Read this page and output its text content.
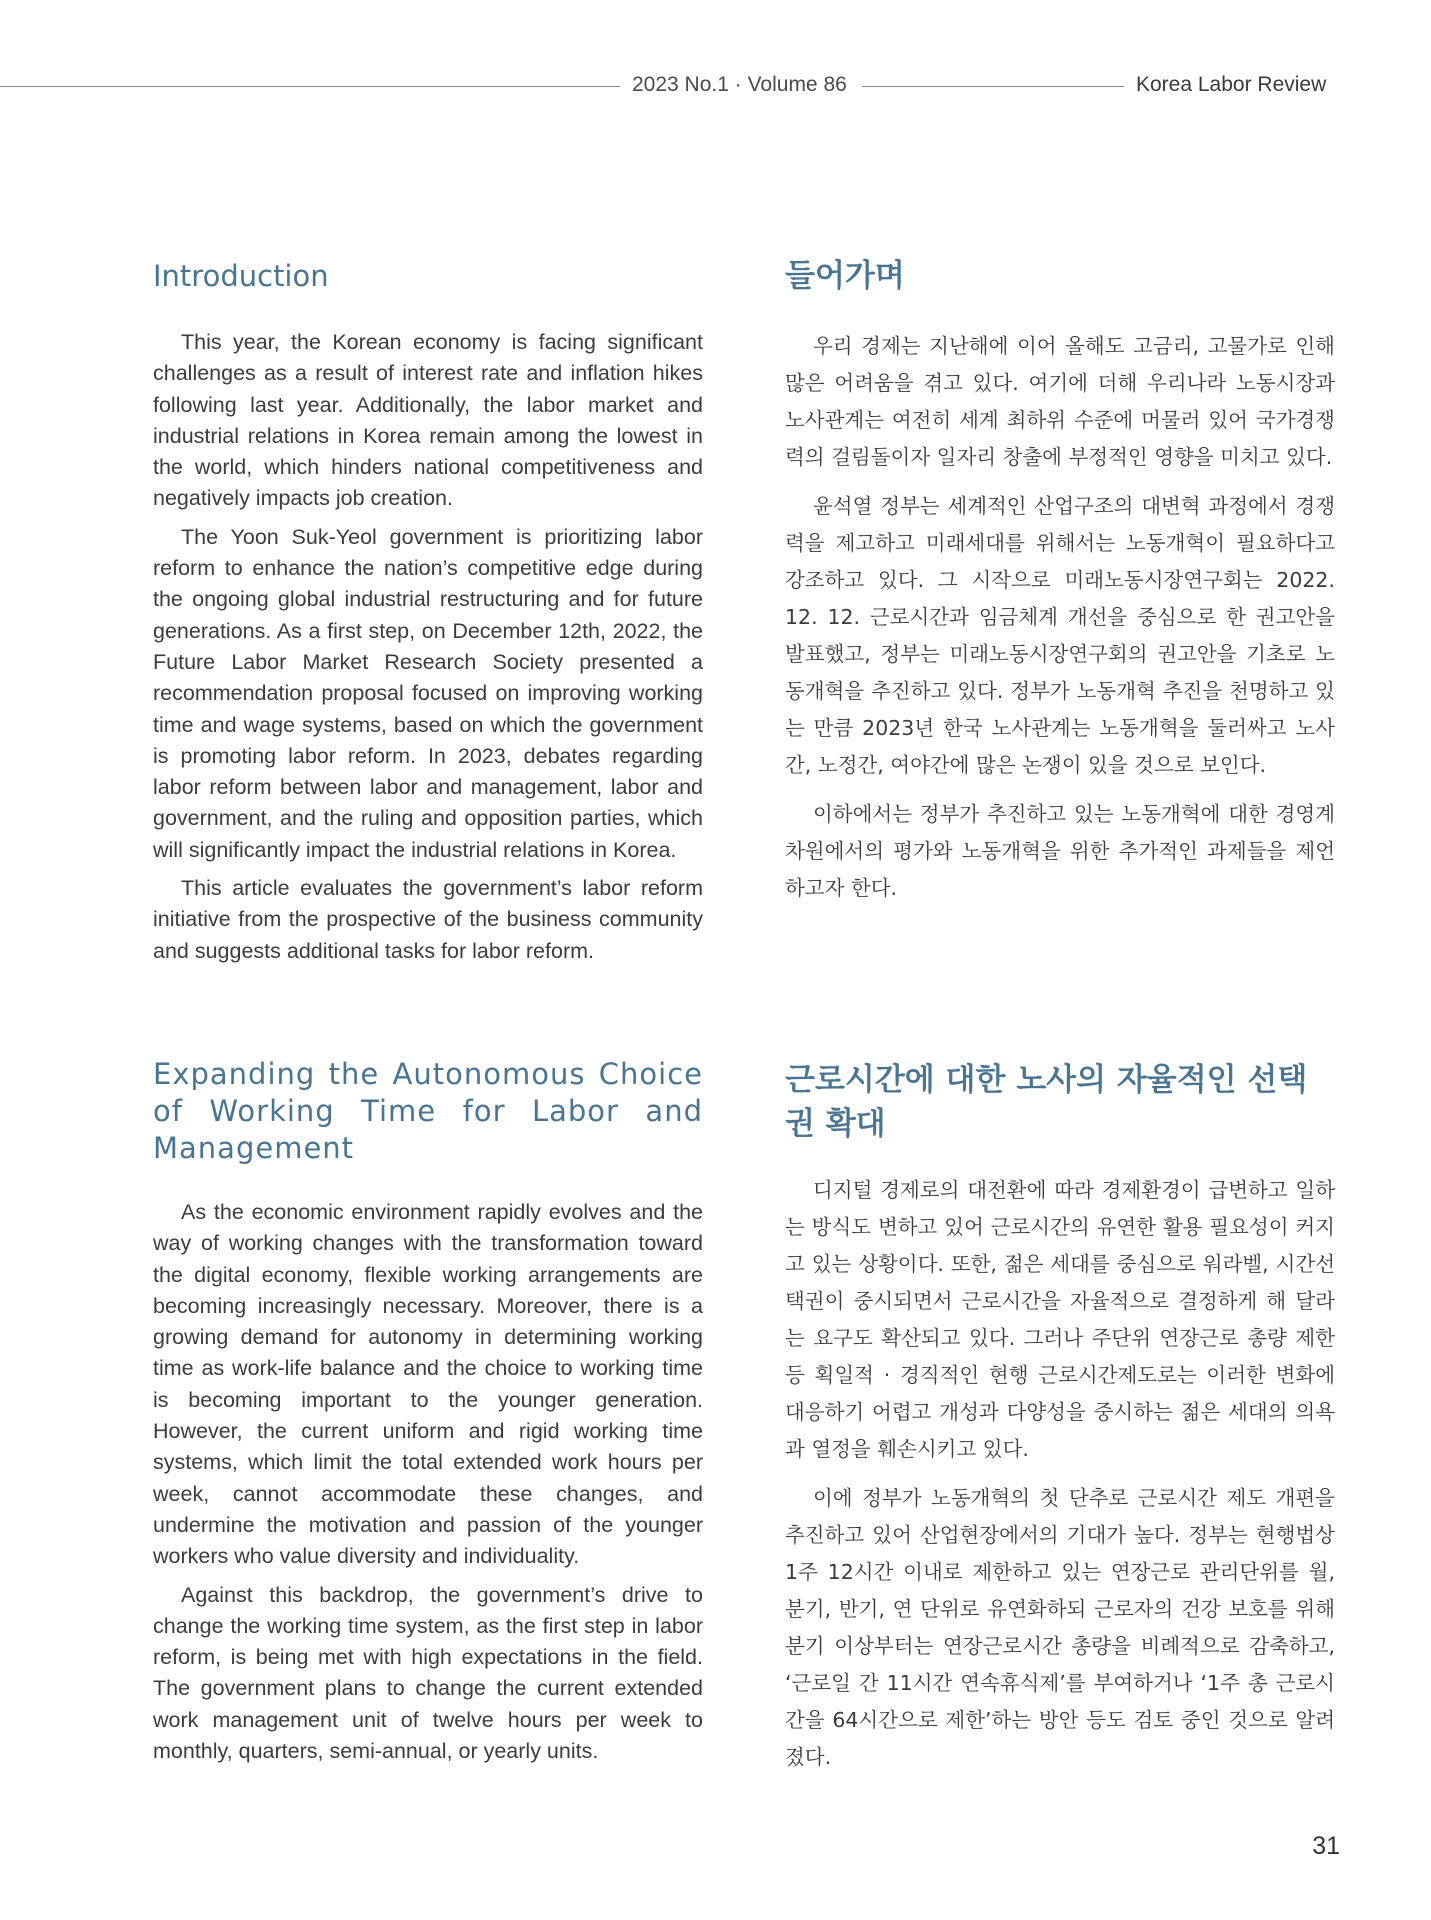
2023 No.1 · Volume 86	Korea Labor Review
Introduction

This year, the Korean economy is facing significant challenges as a result of interest rate and inflation hikes following last year. Additionally, the labor market and industrial relations in Korea remain among the lowest in the world, which hinders national competitiveness and negatively impacts job creation.

The Yoon Suk-Yeol government is prioritizing labor reform to enhance the nation’s competitive edge during the ongoing global industrial restructuring and for future generations. As a first step, on December 12th, 2022, the Future Labor Market Research Society presented a recommendation proposal focused on improving working time and wage systems, based on which the government is promoting labor reform. In 2023, debates regarding labor reform between labor and management, labor and government, and the ruling and opposition parties, which will significantly impact the industrial relations in Korea.

This article evaluates the government’s labor reform initiative from the prospective of the business community and suggests additional tasks for labor reform.

들어가며

우리 경제는 지난해에 이어 올해도 고금리, 고물가로 인해 많은 어려움을 겪고 있다. 여기에 더해 우리나라 노동시장과 노사관계는 여전히 세계 최하위 수준에 머물러 있어 국가경쟁력의 걸림돌이자 일자리 창출에 부정적인 영향을 미치고 있다.

윤석열 정부는 세계적인 산업구조의 대변혁 과정에서 경쟁력을 제고하고 미래세대를 위해서는 노동개혁이 필요하다고 강조하고 있다. 그 시작으로 미래노동시장연구회는 2022. 12. 12. 근로시간과 임금체계 개선을 중심으로 한 권고안을 발표했고, 정부는 미래노동시장연구회의 권고안을 기초로 노동개혁을 추진하고 있다. 정부가 노동개혁 추진을 천명하고 있는 만큼 2023년 한국 노사관계는 노동개혁을 둘러싸고 노사간, 노정간, 여야간에 많은 논쟁이 있을 것으로 보인다.

이하에서는 정부가 추진하고 있는 노동개혁에 대한 경영계 차원에서의 평가와 노동개혁을 위한 추가적인 과제들을 제언하고자 한다.

Expanding the Autonomous Choice of Working Time for Labor and Management

As the economic environment rapidly evolves and the way of working changes with the transformation toward the digital economy, flexible working arrangements are becoming increasingly necessary. Moreover, there is a growing demand for autonomy in determining working time as work-life balance and the choice to working time is becoming important to the younger generation. However, the current uniform and rigid working time systems, which limit the total extended work hours per week, cannot accommodate these changes, and undermine the motivation and passion of the younger workers who value diversity and individuality.

Against this backdrop, the government’s drive to change the working time system, as the first step in labor reform, is being met with high expectations in the field. The government plans to change the current extended work management unit of twelve hours per week to monthly, quarters, semi-annual, or yearly units.

근로시간에 대한 노사의 자율적인 선택권 확대

디지털 경제로의 대전환에 따라 경제환경이 급변하고 일하는 방식도 변하고 있어 근로시간의 유연한 활용 필요성이 커지고 있는 상황이다. 또한, 젊은 세대를 중심으로 워라벨, 시간선택권이 중시되면서 근로시간을 자율적으로 결정하게 해 달라는 요구도 확산되고 있다. 그러나 주단위 연장근로 총량 제한 등 획일적 · 경직적인 현행 근로시간제도로는 이러한 변화에 대응하기 어렵고 개성과 다양성을 중시하는 젊은 세대의 의욕과 열정을 훼손시키고 있다.

이에 정부가 노동개혁의 첫 단추로 근로시간 제도 개편을 추진하고 있어 산업현장에서의 기대가 높다. 정부는 현행법상 1주 12시간 이내로 제한하고 있는 연장근로 관리단위를 월, 분기, 반기, 연 단위로 유연화하되 근로자의 건강 보호를 위해 분기 이상부터는 연장근로시간 총량을 비례적으로 감축하고, ‘근로일 간 11시간 연속휴식제’를 부여하거나 ‘1주 총 근로시간을 64시간으로 제한’하는 방안 등도 검토 중인 것으로 알려졌다.

31
